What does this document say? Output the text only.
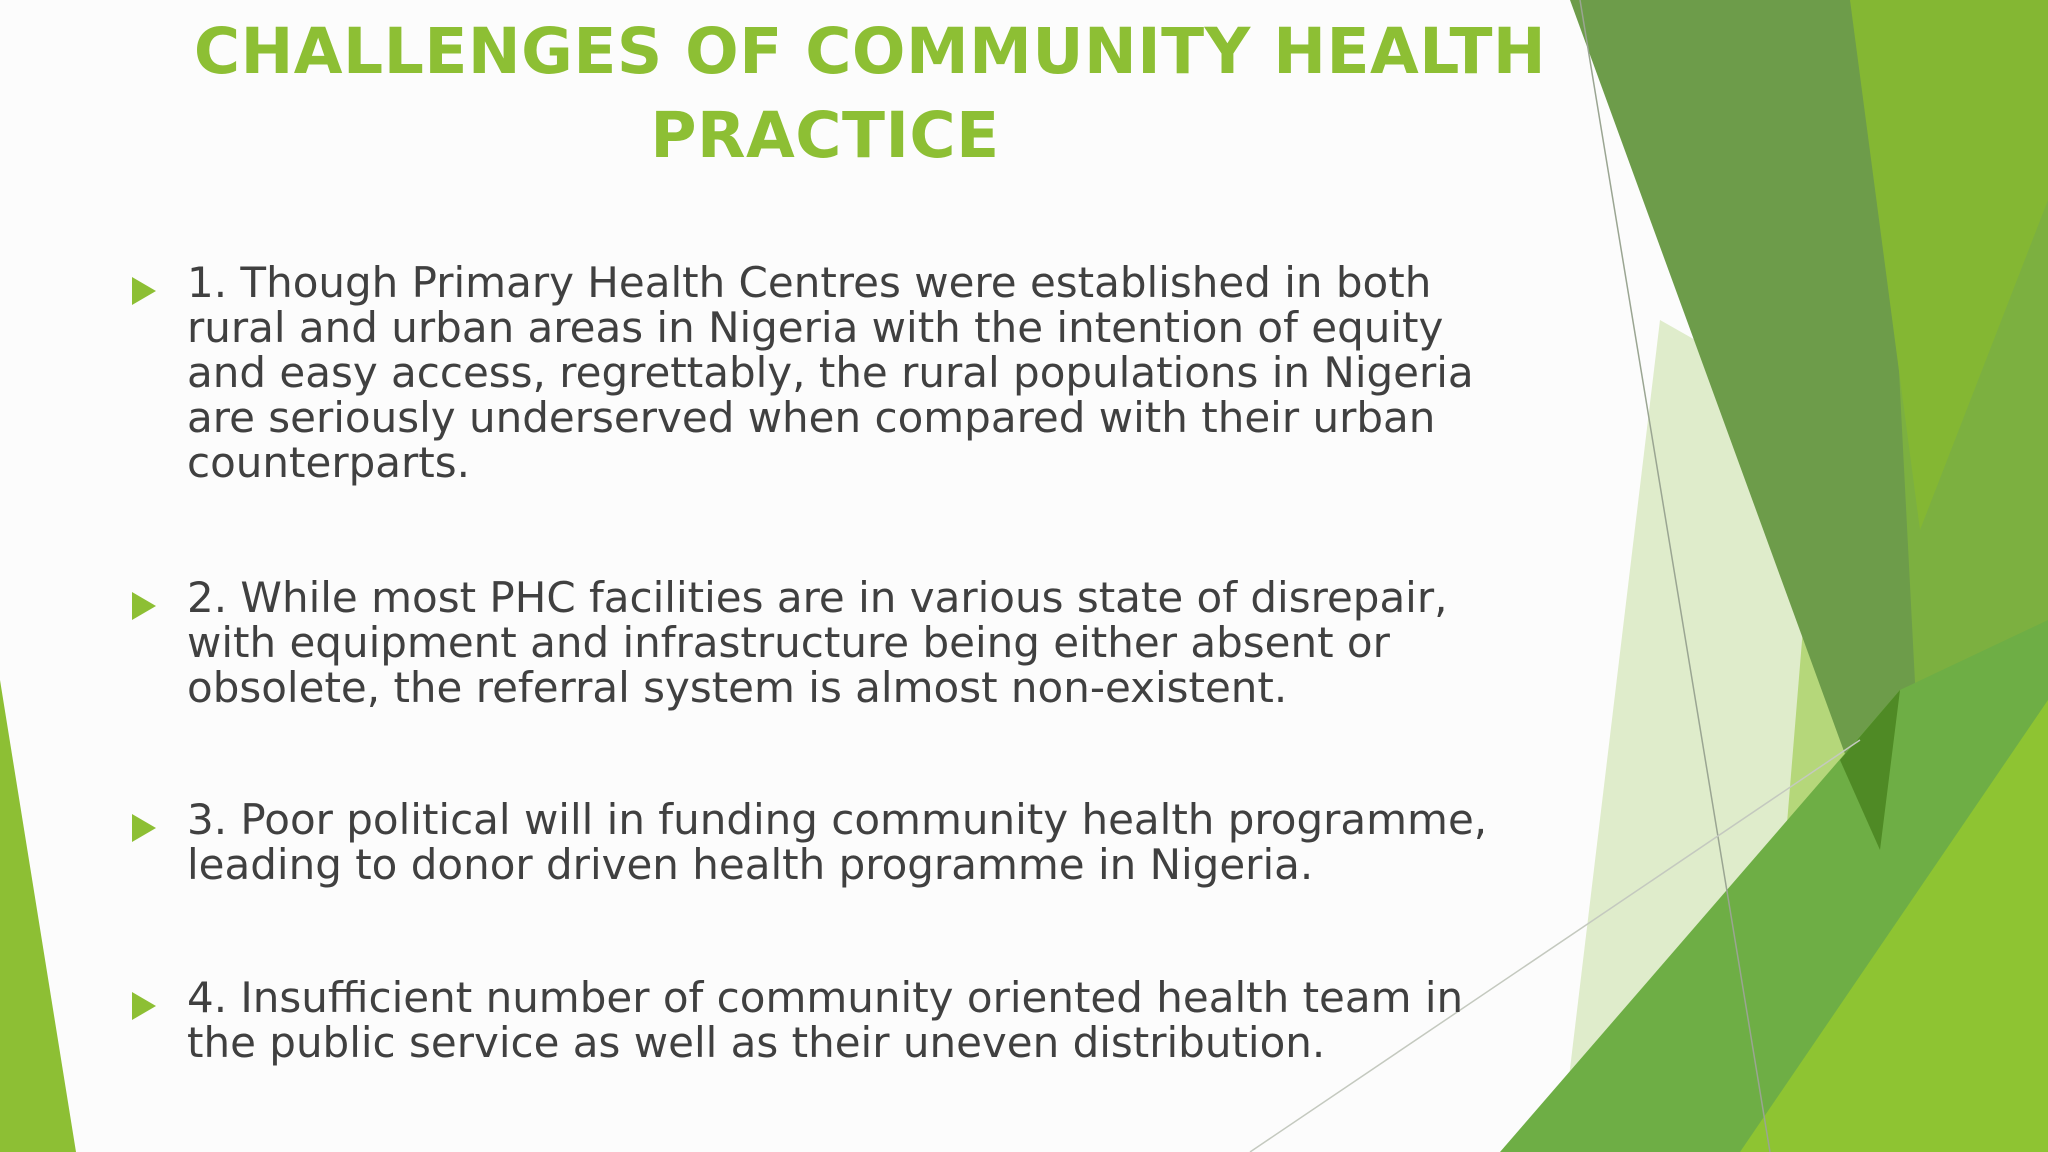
CHALLENGES OF COMMUNITY HEALTH
PRACTICE
1. Though Primary Health Centres were established in both
rural and urban areas in Nigeria with the intention of equity
and easy access, regrettably, the rural populations in Nigeria
are seriously underserved when compared with their urban
counterparts.
2. While most PHC facilities are in various state of disrepair,
with equipment and infrastructure being either absent or
obsolete, the referral system is almost non-existent.
3. Poor political will in funding community health programme,
leading to donor driven health programme in Nigeria.
4. Insufficient number of community oriented health team in
the public service as well as their uneven distribution.
